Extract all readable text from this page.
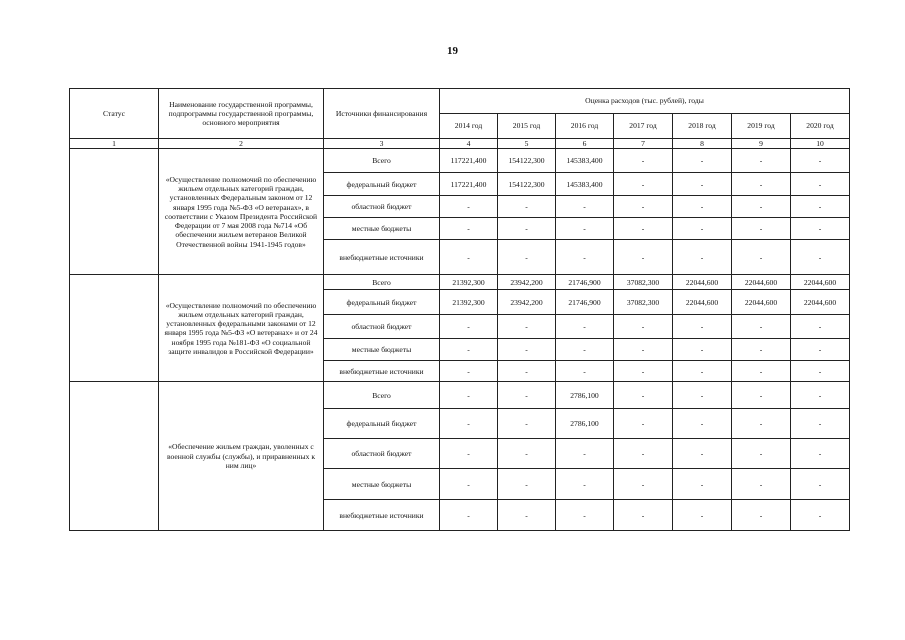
19
Статус	Наименование государственной программы, подпрограммы государственной программы, основного мероприятия	Источники финансирования	Оценка расходов (тыс. рублей), годы						
			2014 год	2015 год	2016 год	2017 год	2018 год	2019 год	2020 год
1	2	3	4	5	6	7	8	9	10
	«Осуществление полномочий по обеспечению жильем отдельных категорий граждан, установленных Федеральным законом от 12 января 1995 года №5-ФЗ «О ветеранах», в соответствии с Указом Президента Российской Федерации от 7 мая 2008 года №714 «Об обеспечении жильем ветеранов Великой Отечественной войны 1941-1945 годов»	Всего	117221,400	154122,300	145383,400	-	-	-	-
		федеральный бюджет	117221,400	154122,300	145383,400	-	-	-	-
		областной бюджет	-	-	-	-	-	-	-
		местные бюджеты	-	-	-	-	-	-	-
		внебюджетные источники	-	-	-	-	-	-	-
	«Осуществление полномочий по обеспечению жильем отдельных категорий граждан, установленных федеральными законами от 12 января 1995 года №5-ФЗ «О ветеранах» и от 24 ноября 1995 года №181-ФЗ «О социальной защите инвалидов в Российской Федерации»	Всего	21392,300	23942,200	21746,900	37082,300	22044,600	22044,600	22044,600
		федеральный бюджет	21392,300	23942,200	21746,900	37082,300	22044,600	22044,600	22044,600
		областной бюджет	-	-	-	-	-	-	-
		местные бюджеты	-	-	-	-	-	-	-
		внебюджетные источники	-	-	-	-	-	-	-
	«Обеспечение жильем граждан, уволенных с военной службы (службы), и приравненных к ним лиц»	Всего	-	-	2786,100	-	-	-	-
		федеральный бюджет	-	-	2786,100	-	-	-	-
		областной бюджет	-	-	-	-	-	-	-
		местные бюджеты	-	-	-	-	-	-	-
		внебюджетные источники	-	-	-	-	-	-	-
